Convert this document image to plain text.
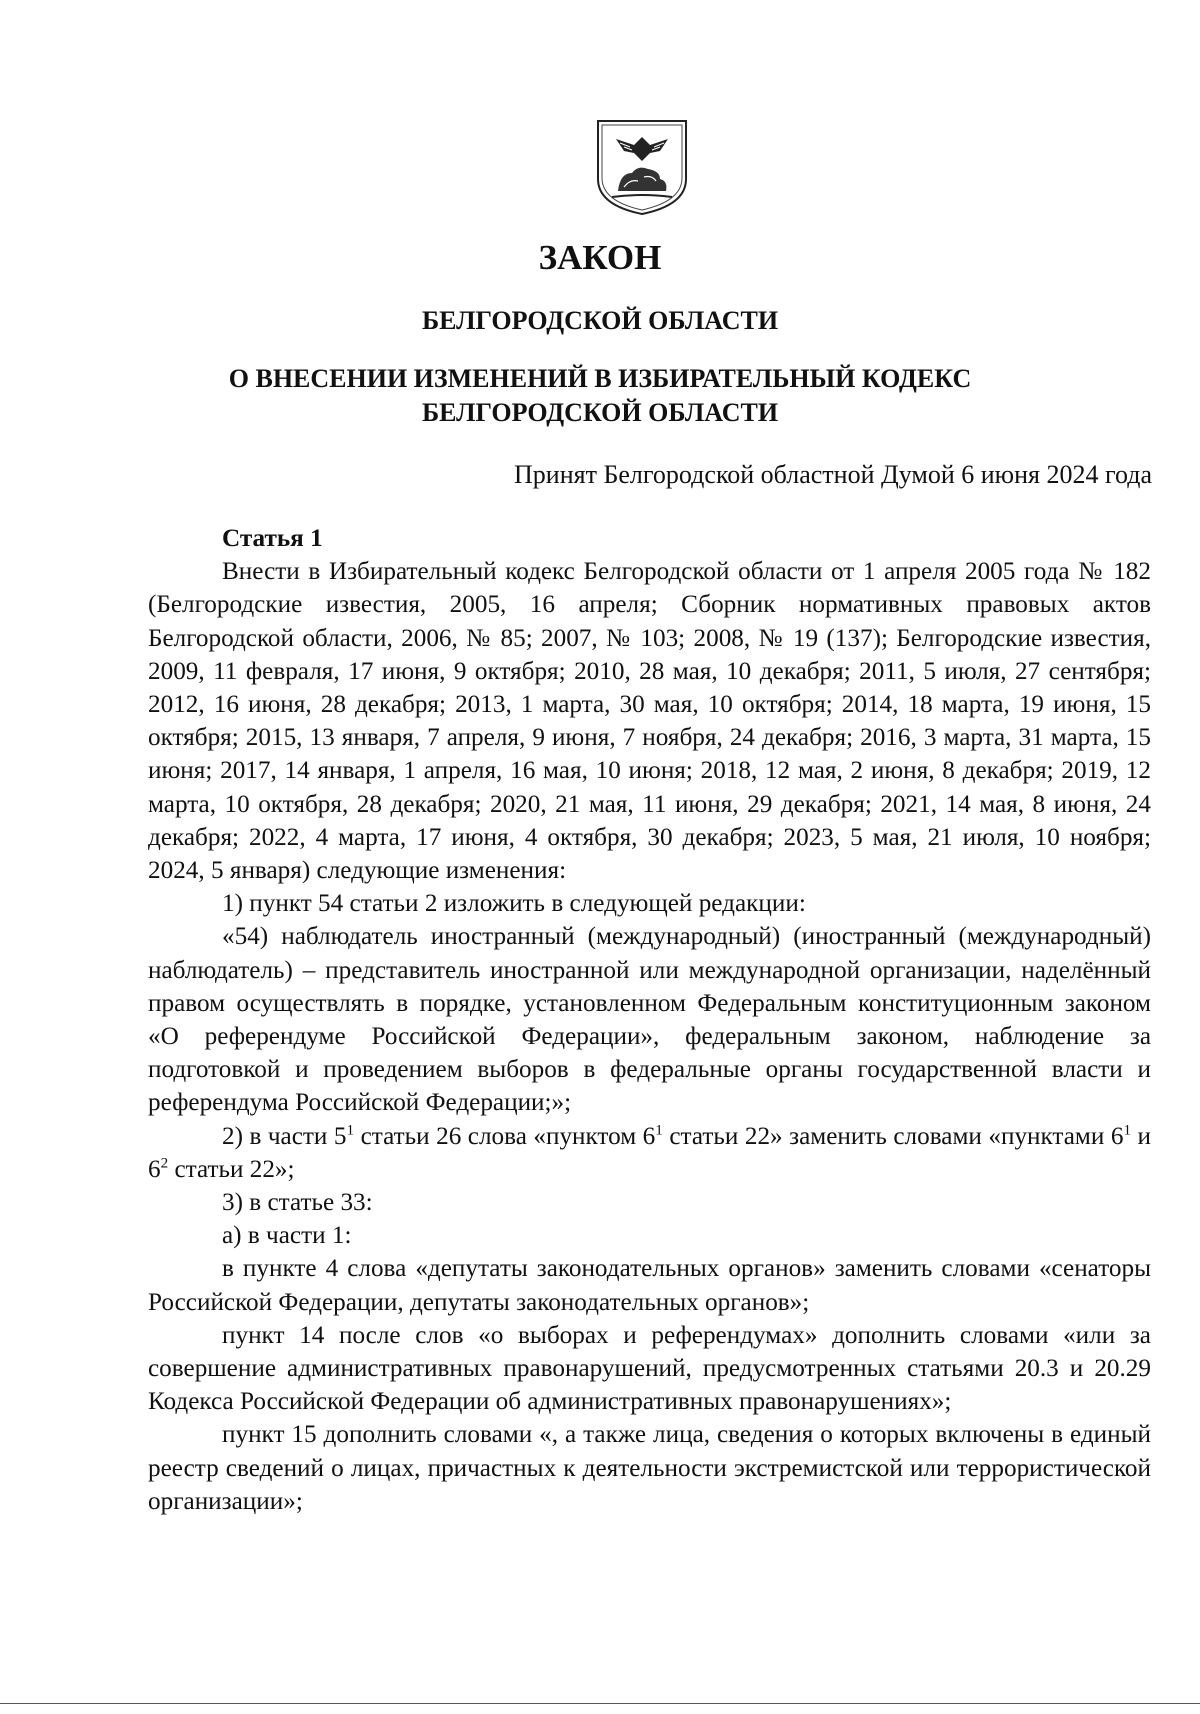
ЗАКОН
БЕЛГОРОДСКОЙ ОБЛАСТИ
О ВНЕСЕНИИ ИЗМЕНЕНИЙ В ИЗБИРАТЕЛЬНЫЙ КОДЕКС
БЕЛГОРОДСКОЙ ОБЛАСТИ
Принят Белгородской областной Думой 6 июня 2024 года

Статья 1

Внести в Избирательный кодекс Белгородской области от 1 апреля 2005 года № 182 (Белгородские известия, 2005, 16 апреля; Сборник нормативных правовых актов Белгородской области, 2006, № 85; 2007, № 103; 2008, № 19 (137); Белгородские известия, 2009, 11 февраля, 17 июня, 9 октября; 2010, 28 мая, 10 декабря; 2011, 5 июля, 27 сентября; 2012, 16 июня, 28 декабря; 2013, 1 марта, 30 мая, 10 октября; 2014, 18 марта, 19 июня, 15 октября; 2015, 13 января, 7 апреля, 9 июня, 7 ноября, 24 декабря; 2016, 3 марта, 31 марта, 15 июня; 2017, 14 января, 1 апреля, 16 мая, 10 июня; 2018, 12 мая, 2 июня, 8 декабря; 2019, 12 марта, 10 октября, 28 декабря; 2020, 21 мая, 11 июня, 29 декабря; 2021, 14 мая, 8 июня, 24 декабря; 2022, 4 марта, 17 июня, 4 октября, 30 декабря; 2023, 5 мая, 21 июля, 10 ноября; 2024, 5 января) следующие изменения:

1) пункт 54 статьи 2 изложить в следующей редакции:

«54) наблюдатель иностранный (международный) (иностранный (международный) наблюдатель) – представитель иностранной или международной организации, наделённый правом осуществлять в порядке, установленном Федеральным конституционным законом «О референдуме Российской Федерации», федеральным законом, наблюдение за подготовкой и проведением выборов в федеральные органы государственной власти и референдума Российской Федерации;»;

2) в части $5^1$ статьи 26 слова «пунктом $6^1$ статьи 22» заменить словами «пунктами $6^1$ и $6^2$ статьи 22»;

3) в статье 33:

а) в части 1:

в пункте 4 слова «депутаты законодательных органов» заменить словами «сенаторы Российской Федерации, депутаты законодательных органов»;

пункт 14 после слов «о выборах и референдумах» дополнить словами «или за совершение административных правонарушений, предусмотренных статьями 20.3 и 20.29 Кодекса Российской Федерации об административных правонарушениях»;

пункт 15 дополнить словами «, а также лица, сведения о которых включены в единый реестр сведений о лицах, причастных к деятельности экстремистской или террористической организации»;
